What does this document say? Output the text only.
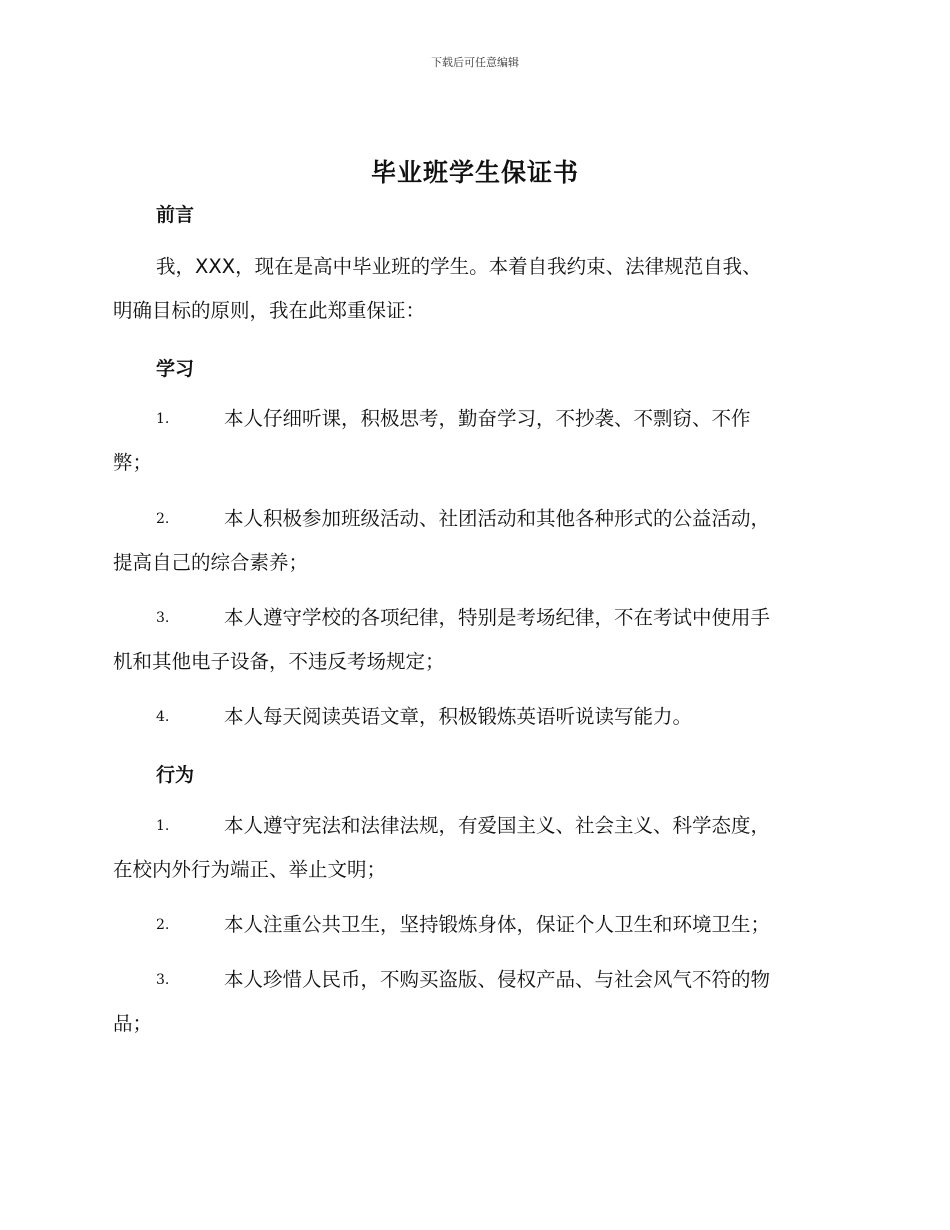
下载后可任意编辑
毕业班学生保证书
前言
我，XXX，现在是高中毕业班的学生。本着自我约束、法律规范自我、
明确目标的原则，我在此郑重保证：
学习
1.	本人仔细听课，积极思考，勤奋学习，不抄袭、不剽窃、不作
弊；
2.	本人积极参加班级活动、社团活动和其他各种形式的公益活动，
提高自己的综合素养；
3.	本人遵守学校的各项纪律，特别是考场纪律，不在考试中使用手
机和其他电子设备，不违反考场规定；
4.	本人每天阅读英语文章，积极锻炼英语听说读写能力。
行为
1.	本人遵守宪法和法律法规，有爱国主义、社会主义、科学态度，
在校内外行为端正、举止文明；
2.	本人注重公共卫生，坚持锻炼身体，保证个人卫生和环境卫生；
3.	本人珍惜人民币，不购买盗版、侵权产品、与社会风气不符的物
品；
